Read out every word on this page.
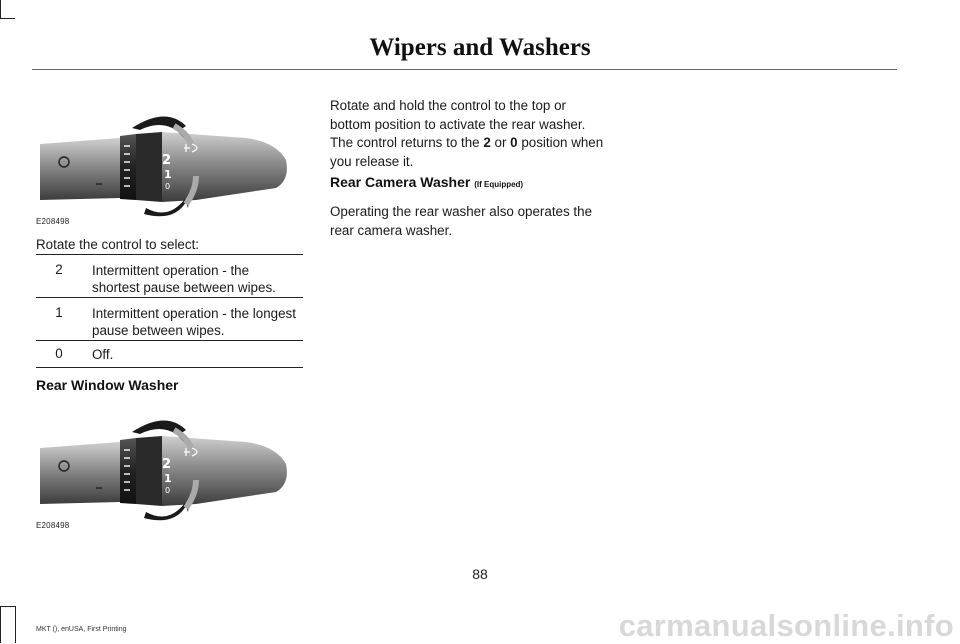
Wipers and Washers
2
1
0
E208498
Rotate the control to select:
2	Intermittent operation - the shortest pause between wipes.
1	Intermittent operation - the longest pause between wipes.
0	Off.
Rear Window Washer
2
1
0
E208498
Rotate and hold the control to the top or bottom position to activate the rear washer. The control returns to the 2 or 0 position when you release it.
Rear Camera Washer (If Equipped)
Operating the rear washer also operates the rear camera washer.
88
MKT (), enUSA, First Printing	carmanualsonline.info
